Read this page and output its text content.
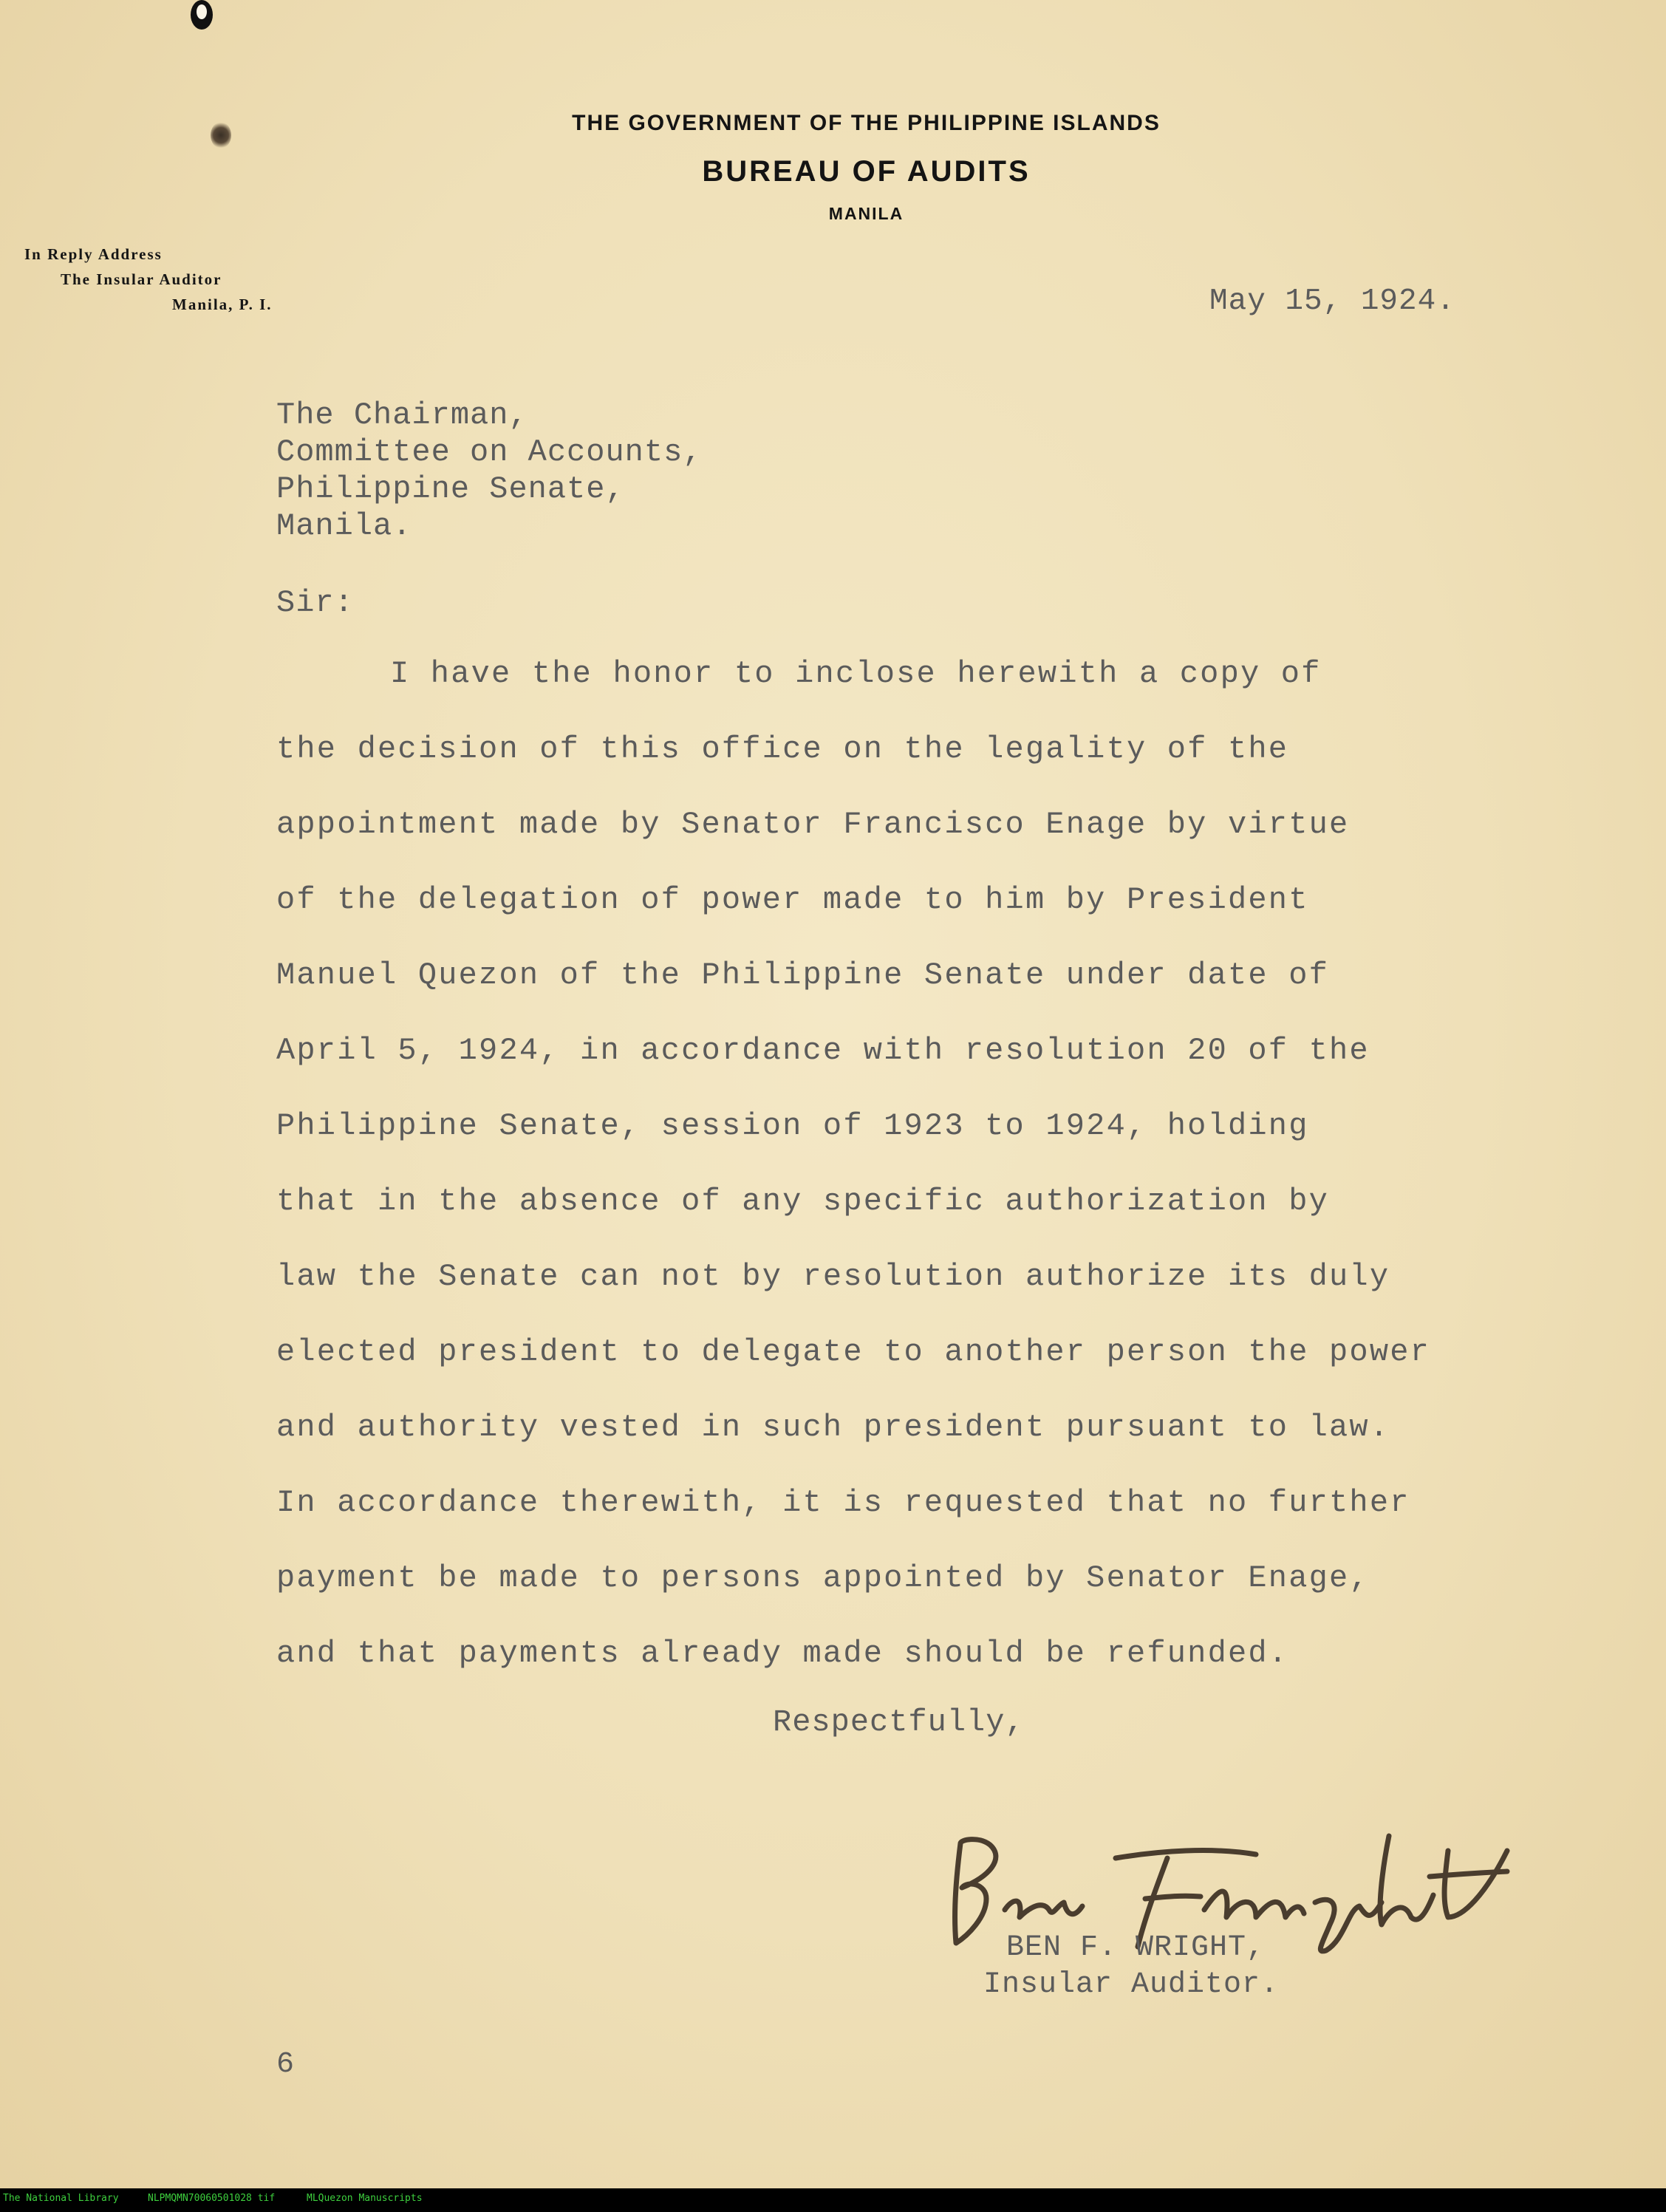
THE GOVERNMENT OF THE PHILIPPINE ISLANDS
BUREAU OF AUDITS
MANILA
In Reply Address
The Insular Auditor
Manila, P. I.	May 15, 1924.
The Chairman,
Committee on Accounts,
Philippine Senate,
Manila.
Sir:
I have the honor to inclose herewith a copy of
the decision of this office on the legality of the
appointment made by Senator Francisco Enage by virtue
of the delegation of power made to him by President
Manuel Quezon of the Philippine Senate under date of
April 5, 1924, in accordance with resolution 20 of the
Philippine Senate, session of 1923 to 1924, holding
that in the absence of any specific authorization by
law the Senate can not by resolution authorize its duly
elected president to delegate to another person the power
and authority vested in such president pursuant to law.
In accordance therewith, it is requested that no further
payment be made to persons appointed by Senator Enage,
and that payments already made should be refunded.
Respectfully,
BEN F. WRIGHT,
Insular Auditor.
6
The National Library	NLPMQMN70060501028 tif	MLQuezon Manuscripts
